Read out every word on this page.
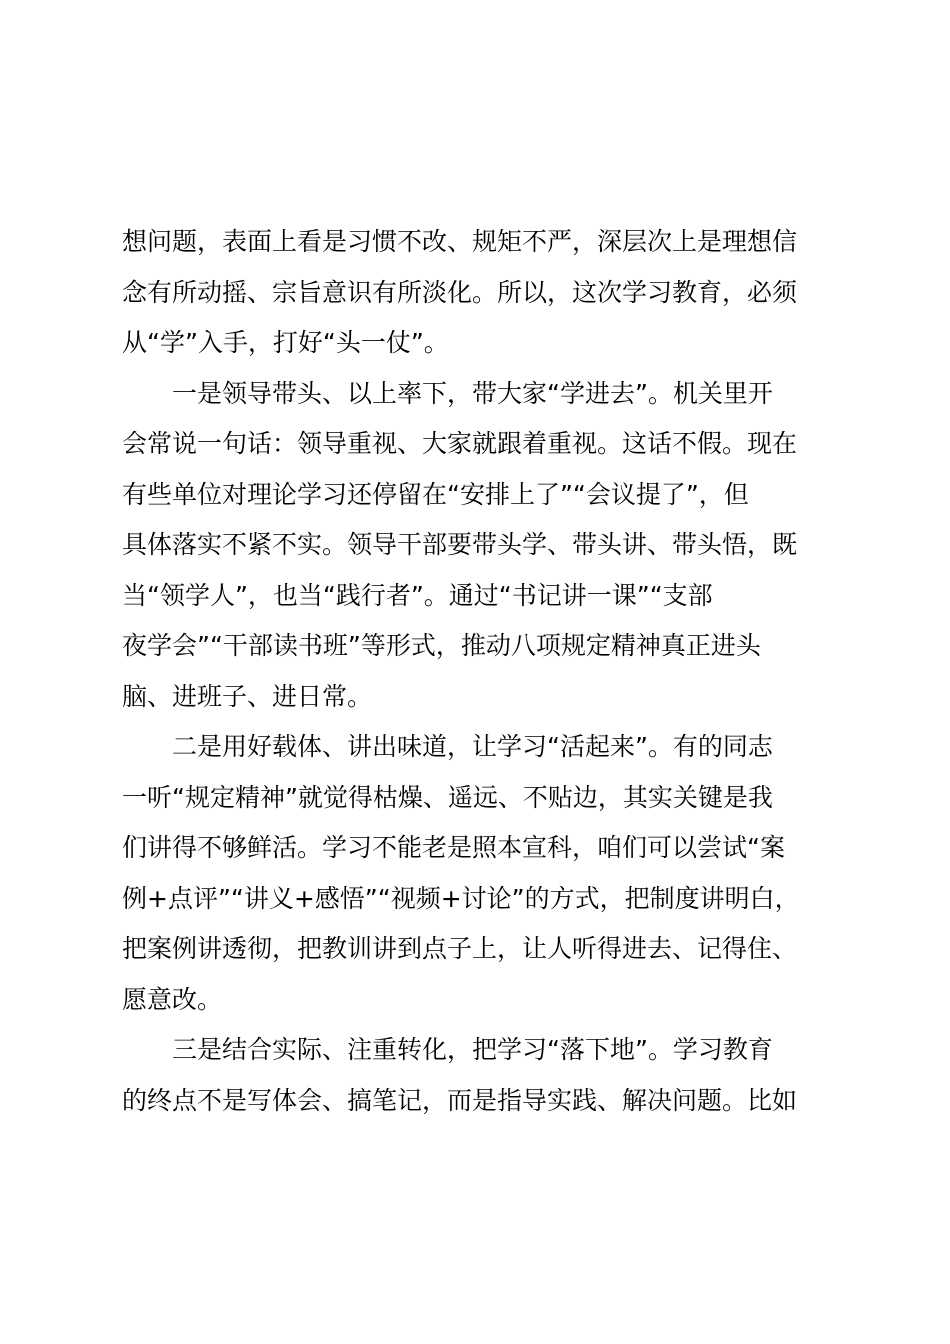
想问题，表面上看是习惯不改、规矩不严，深层次上是理想信
念有所动摇、宗旨意识有所淡化。所以，这次学习教育，必须
从“学”入手，打好“头一仗”。
一是领导带头、以上率下，带大家“学进去”。机关里开
会常说一句话：领导重视、大家就跟着重视。这话不假。现在
有些单位对理论学习还停留在“安排上了”“会议提了”，但
具体落实不紧不实。领导干部要带头学、带头讲、带头悟，既
当“领学人”，也当“践行者”。通过“书记讲一课”“支部
夜学会”“干部读书班”等形式，推动八项规定精神真正进头
脑、进班子、进日常。
二是用好载体、讲出味道，让学习“活起来”。有的同志
一听“规定精神”就觉得枯燥、遥远、不贴边，其实关键是我
们讲得不够鲜活。学习不能老是照本宣科，咱们可以尝试“案
例+点评”“讲义+感悟”“视频+讨论”的方式，把制度讲明白，
把案例讲透彻，把教训讲到点子上，让人听得进去、记得住、
愿意改。
三是结合实际、注重转化，把学习“落下地”。学习教育
的终点不是写体会、搞笔记，而是指导实践、解决问题。比如
